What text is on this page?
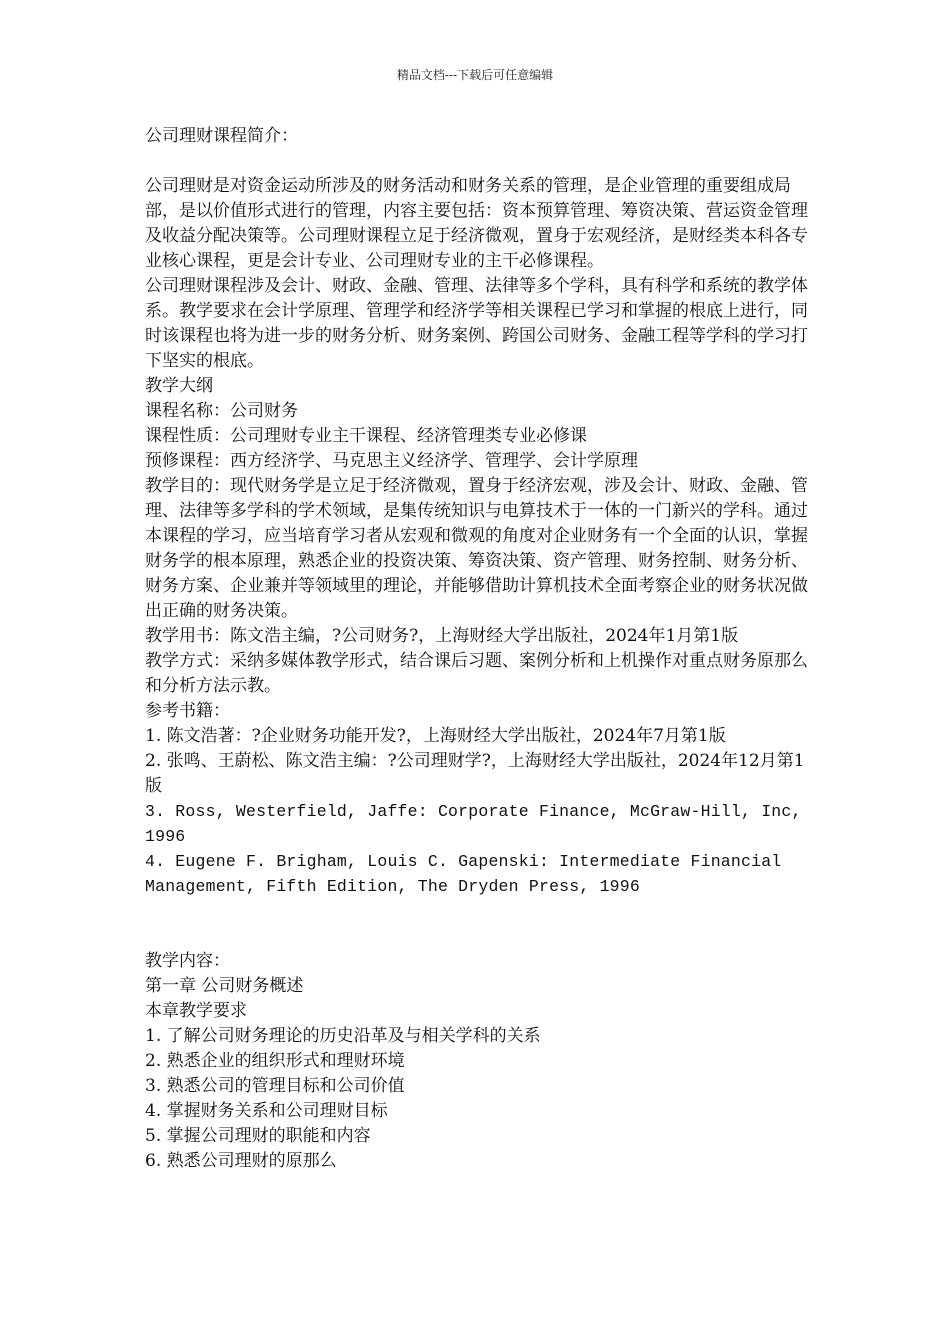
精品文档---下载后可任意编辑

公司理财课程简介：

公司理财是对资金运动所涉及的财务活动和财务关系的管理，是企业管理的重要组成局部，是以价值形式进行的管理，内容主要包括：资本预算管理、筹资决策、营运资金管理及收益分配决策等。公司理财课程立足于经济微观，置身于宏观经济，是财经类本科各专业核心课程，更是会计专业、公司理财专业的主干必修课程。

公司理财课程涉及会计、财政、金融、管理、法律等多个学科，具有科学和系统的教学体系。教学要求在会计学原理、管理学和经济学等相关课程已学习和掌握的根底上进行，同时该课程也将为进一步的财务分析、财务案例、跨国公司财务、金融工程等学科的学习打下坚实的根底。

教学大纲

课程名称：公司财务

课程性质：公司理财专业主干课程、经济管理类专业必修课

预修课程：西方经济学、马克思主义经济学、管理学、会计学原理

教学目的：现代财务学是立足于经济微观，置身于经济宏观，涉及会计、财政、金融、管理、法律等多学科的学术领域，是集传统知识与电算技术于一体的一门新兴的学科。通过本课程的学习，应当培育学习者从宏观和微观的角度对企业财务有一个全面的认识，掌握财务学的根本原理，熟悉企业的投资决策、筹资决策、资产管理、财务控制、财务分析、财务方案、企业兼并等领域里的理论，并能够借助计算机技术全面考察企业的财务状况做出正确的财务决策。

教学用书：陈文浩主编，?公司财务?，上海财经大学出版社，2024年1月第1版

教学方式：采纳多媒体教学形式，结合课后习题、案例分析和上机操作对重点财务原那么和分析方法示教。

参考书籍：

1. 陈文浩著：?企业财务功能开发?，上海财经大学出版社，2024年7月第1版

2. 张鸣、王蔚松、陈文浩主编：?公司理财学?，上海财经大学出版社，2024年12月第1版

3. Ross, Westerfield, Jaffe: Corporate Finance, McGraw-Hill, Inc, 1996

4. Eugene F. Brigham, Louis C. Gapenski: Intermediate Financial Management, Fifth Edition, The Dryden Press, 1996

教学内容：

第一章 公司财务概述

本章教学要求

1. 了解公司财务理论的历史沿革及与相关学科的关系

2. 熟悉企业的组织形式和理财环境

3. 熟悉公司的管理目标和公司价值

4. 掌握财务关系和公司理财目标

5. 掌握公司理财的职能和内容

6. 熟悉公司理财的原那么
